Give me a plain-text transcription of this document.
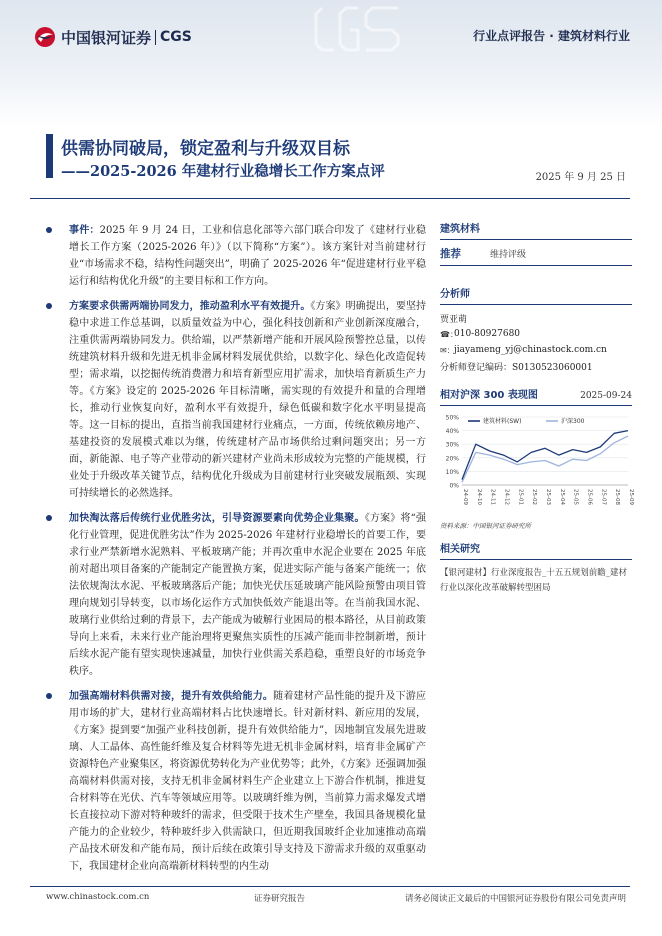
中国银河证券 CGS	行业点评报告 · 建筑材料行业
供需协同破局，锁定盈利与升级双目标
——2025-2026 年建材行业稳增长工作方案点评	2025 年 9 月 25 日
事件：2025 年 9 月 24 日，工业和信息化部等六部门联合印发了《建材行业稳增长工作方案（2025-2026 年）》（以下简称“方案”）。该方案针对当前建材行业“市场需求不稳，结构性问题突出”，明确了 2025-2026 年“促进建材行业平稳运行和结构优化升级”的主要目标和工作方向。
方案要求供需两端协同发力，推动盈利水平有效提升。《方案》明确提出，要坚持稳中求进工作总基调，以质量效益为中心，强化科技创新和产业创新深度融合，注重供需两端协同发力。供给端，以严禁新增产能和开展风险预警控总量，以传统建筑材料升级和先进无机非金属材料发展优供给，以数字化、绿色化改造促转型；需求端，以挖掘传统消费潜力和培育新型应用扩需求，加快培育新质生产力等。《方案》设定的 2025-2026 年目标清晰，需实现的有效提升和量的合理增长，推动行业恢复向好，盈利水平有效提升，绿色低碳和数字化水平明显提高等。这一目标的提出，直指当前我国建材行业痛点，一方面，传统依赖房地产、基建投资的发展模式难以为继，传统建材产品市场供给过剩问题突出；另一方面，新能源、电子等产业带动的新兴建材产业尚未形成较为完整的产能规模，行业处于升级改革关键节点，结构优化升级成为目前建材行业突破发展瓶颈、实现可持续增长的必然选择。
加快淘汰落后传统行业优胜劣汰，引导资源要素向优势企业集聚。《方案》将“强化行业管理，促进优胜劣汰”作为 2025-2026 年建材行业稳增长的首要工作，要求行业严禁新增水泥熟料、平板玻璃产能；并再次重申水泥企业要在 2025 年底前对超出项目备案的产能制定产能置换方案，促进实际产能与备案产能统一；依法依规淘汰水泥、平板玻璃落后产能；加快光伏压延玻璃产能风险预警由项目管理向规划引导转变，以市场化运作方式加快低效产能退出等。在当前我国水泥、玻璃行业供给过剩的背景下，去产能成为破解行业困局的根本路径，从目前政策导向上来看，未来行业产能治理将更聚焦实质性的压减产能而非控制新增，预计后续水泥产能有望实现快速减量，加快行业供需关系趋稳，重塑良好的市场竞争秩序。
加强高端材料供需对接，提升有效供给能力。随着建材产品性能的提升及下游应用市场的扩大，建材行业高端材料占比快速增长。针对新材料、新应用的发展，《方案》提到要“加强产业科技创新，提升有效供给能力”，因地制宜发展先进玻璃、人工晶体、高性能纤维及复合材料等先进无机非金属材料，培育非金属矿产资源特色产业聚集区，将资源优势转化为产业优势等；此外，《方案》还强调加强高端材料供需对接，支持无机非金属材料生产企业建立上下游合作机制，推进复合材料等在光伏、汽车等领域应用等。以玻璃纤维为例，当前算力需求爆发式增长直接拉动下游对特种玻纤的需求，但受限于技术生产壁垒，我国具备规模化量产能力的企业较少，特种玻纤步入供需缺口，但近期我国玻纤企业加速推动高端产品技术研发和产能布局，预计后续在政策引导支持及下游需求升级的双重驱动下，我国建材企业向高端新材料转型的内生动
建筑材料
推荐	维持评级
分析师
贾亚萌
☎：
010-80927680
✉： jiayameng_yj@chinastock.com.cn
分析师登记编码：S0130523060001
相对沪深 300 表现图	2025-09-24
0%
10%
20%
30%
40%
50%
24-09 24-10 24-11 24-12 25-01 25-02 25-03 25-04 25-05 25-06 25-07 25-08 25-09
建筑材料(SW)	沪深300
资料来源：中国银河证券研究所
相关研究
【银河建材】行业深度报告_十五五规划前瞻_建材行业以深化改革破解转型困局
www.chinastock.com.cn	证券研究报告	请务必阅读正文最后的中国银河证券股份有限公司免责声明
